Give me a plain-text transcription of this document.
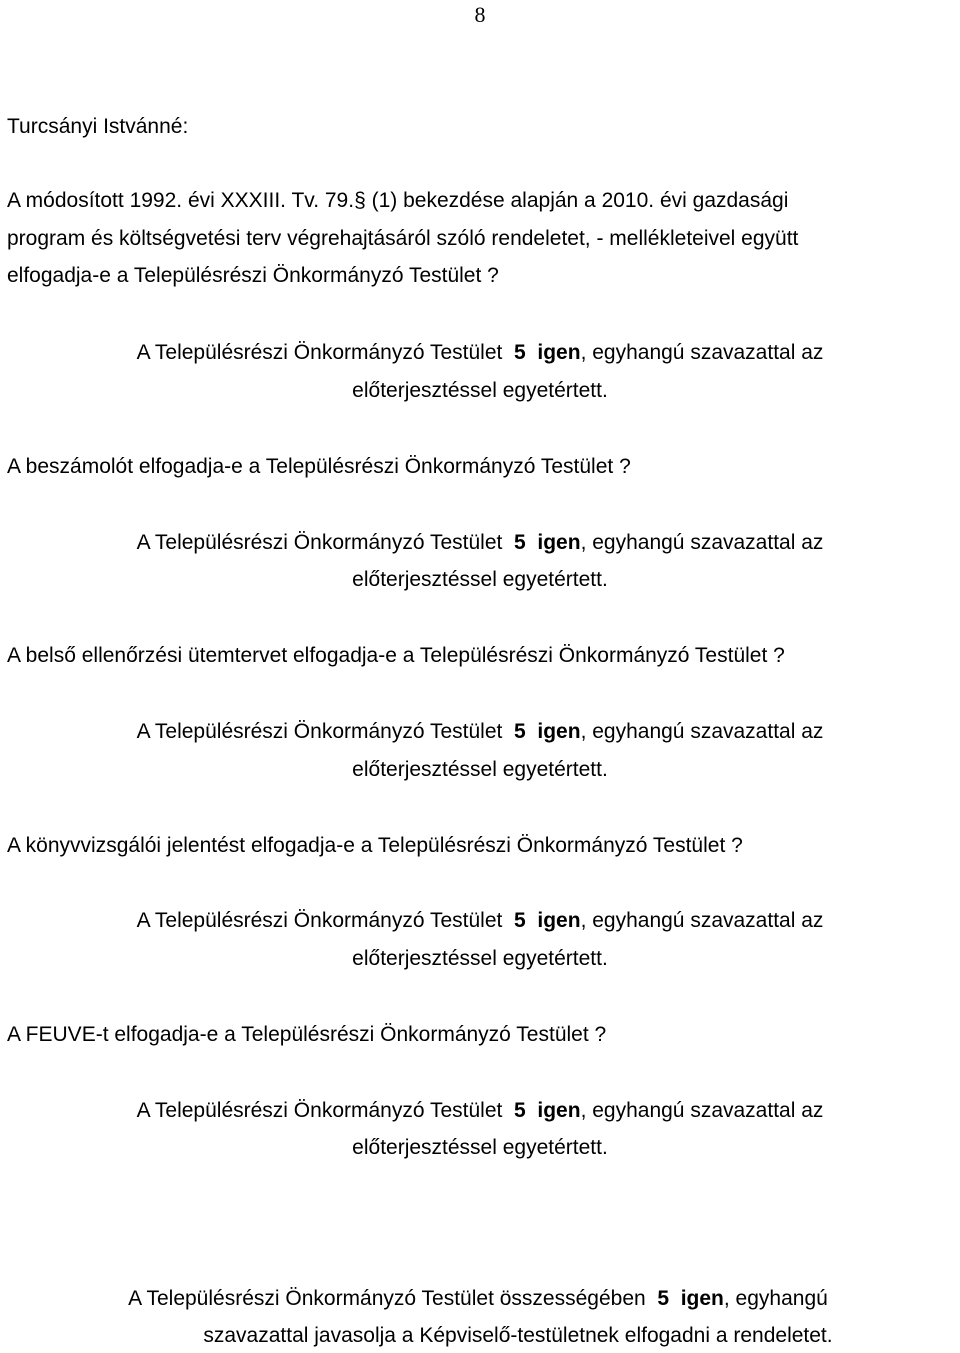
8
Turcsányi Istvánné:
A módosított 1992. évi XXXIII. Tv. 79.§ (1) bekezdése alapján a 2010. évi gazdasági
program és költségvetési terv végrehajtásáról szóló rendeletet, - mellékleteivel együtt
elfogadja-e a Településrészi Önkormányzó Testület ?
A Településrészi Önkormányzó Testület 5 igen, egyhangú szavazattal az
előterjesztéssel egyetértett.
A beszámolót elfogadja-e a Településrészi Önkormányzó Testület ?
A Településrészi Önkormányzó Testület 5 igen, egyhangú szavazattal az
előterjesztéssel egyetértett.
A belső ellenőrzési ütemtervet elfogadja-e a Településrészi Önkormányzó Testület ?
A Településrészi Önkormányzó Testület 5 igen, egyhangú szavazattal az
előterjesztéssel egyetértett.
A könyvvizsgálói jelentést elfogadja-e a Településrészi Önkormányzó Testület ?
A Településrészi Önkormányzó Testület 5 igen, egyhangú szavazattal az
előterjesztéssel egyetértett.
A FEUVE-t elfogadja-e a Településrészi Önkormányzó Testület ?
A Településrészi Önkormányzó Testület 5 igen, egyhangú szavazattal az
előterjesztéssel egyetértett.
A Településrészi Önkormányzó Testület összességében 5 igen, egyhangú
szavazattal javasolja a Képviselő-testületnek elfogadni a rendeletet.
